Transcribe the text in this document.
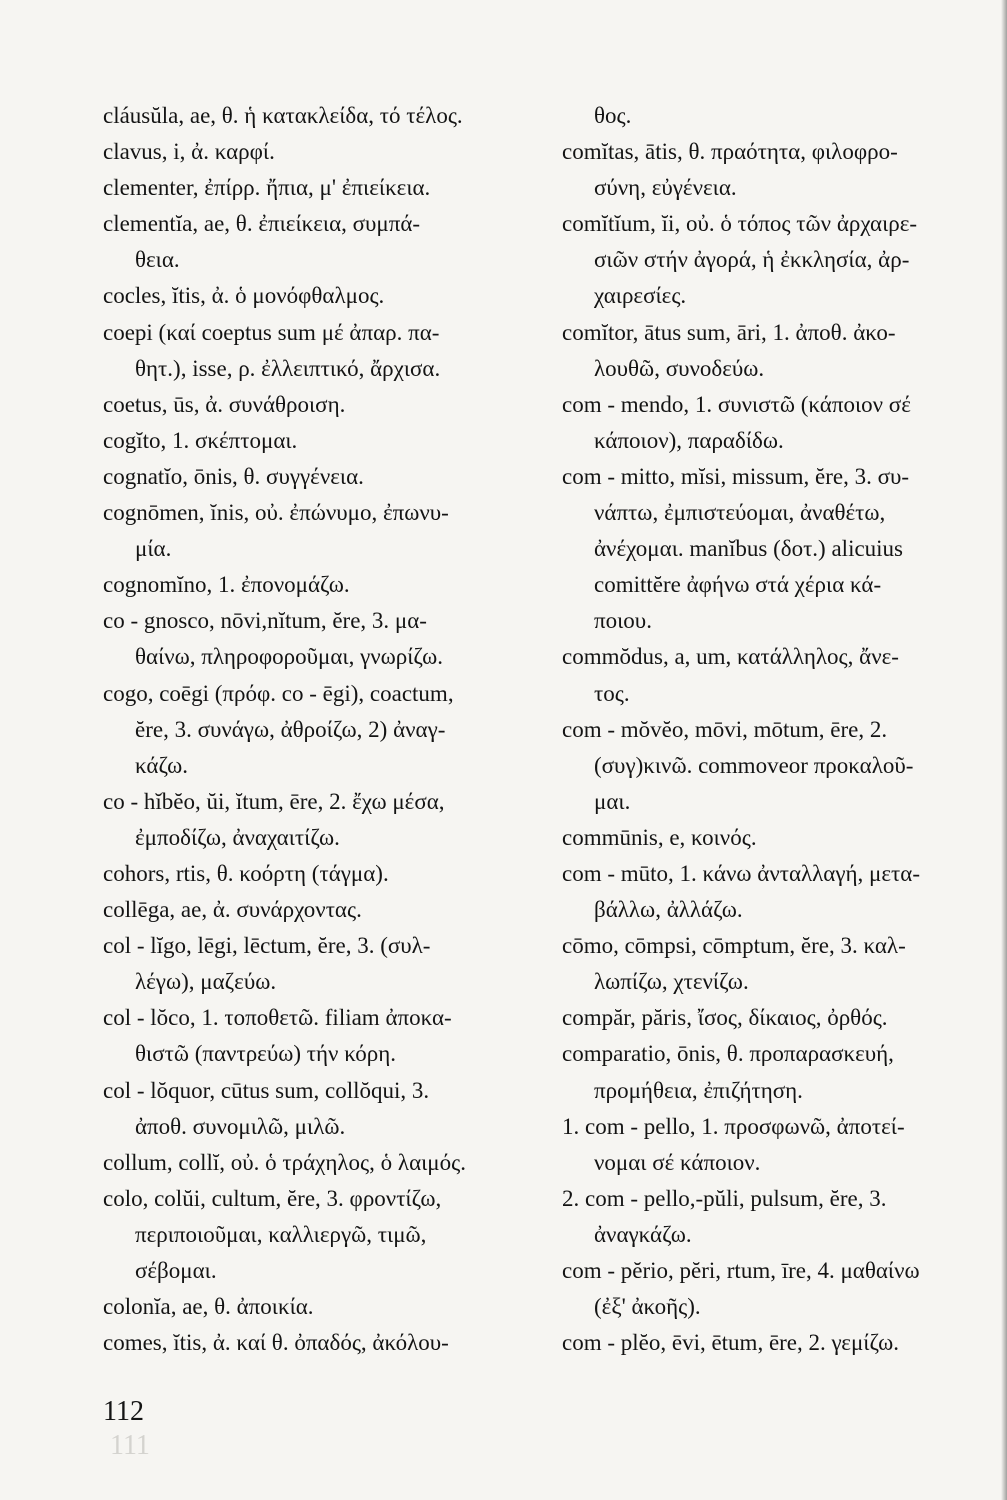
cláusŭla, ae, θ. ἡ κατακλείδα, τό τέλος.
clavus, i, ἀ. καρφί.
clementer, ἐπίρρ. ἤπια, μ' ἐπιείκεια.
clementĭa, ae, θ. ἐπιείκεια, συμπά-
θεια.
cocles, ĭtis, ἀ. ὁ μονόφθαλμος.
coepi (καί coeptus sum μέ ἀπαρ. πα-
θητ.), isse, ρ. ἐλλειπτικό, ἄρχισα.
coetus, ūs, ἀ. συνάθροιση.
cogĭto, 1. σκέπτομαι.
cognatĭo, ōnis, θ. συγγένεια.
cognōmen, ĭnis, οὐ. ἐπώνυμο, ἐπωνυ-
μία.
cognomĭno, 1. ἐπονομάζω.
co - gnosco, nōvi,nĭtum, ĕre, 3. μα-
θαίνω, πληροφοροῦμαι, γνωρίζω.
cogo, coēgi (πρόφ. co - ēgi), coactum,
ĕre, 3. συνάγω, ἀθροίζω, 2) ἀναγ-
κάζω.
co - hĭbĕo, ŭi, ĭtum, ēre, 2. ἔχω μέσα,
ἐμποδίζω, ἀναχαιτίζω.
cohors, rtis, θ. κοόρτη (τάγμα).
collēga, ae, ἀ. συνάρχοντας.
col - lĭgo, lēgi, lēctum, ĕre, 3. (συλ-
λέγω), μαζεύω.
col - lŏco, 1. τοποθετῶ. filiam ἀποκα-
θιστῶ (παντρεύω) τήν κόρη.
col - lŏquor, cūtus sum, collŏqui, 3.
ἀποθ. συνομιλῶ, μιλῶ.
collum, collĭ, οὐ. ὁ τράχηλος, ὁ λαιμός.
colo, colŭi, cultum, ĕre, 3. φροντίζω,
περιποιοῦμαι, καλλιεργῶ, τιμῶ,
σέβομαι.
colonĭa, ae, θ. ἀποικία.
comes, ĭtis, ἀ. καί θ. ὀπαδός, ἀκόλου-
θος.
comĭtas, ātis, θ. πραότητα, φιλοφρο-
σύνη, εὐγένεια.
comĭtĭum, ĭi, οὐ. ὁ τόπος τῶν ἀρχαιρε-
σιῶν στήν ἀγορά, ἡ ἐκκλησία, ἀρ-
χαιρεσίες.
comĭtor, ātus sum, āri, 1. ἀποθ. ἀκο-
λουθῶ, συνοδεύω.
com - mendo, 1. συνιστῶ (κάποιον σέ
κάποιον), παραδίδω.
com - mitto, mĭsi, missum, ĕre, 3. συ-
νάπτω, ἐμπιστεύομαι, ἀναθέτω,
ἀνέχομαι. manĭbus (δοτ.) alicuius
comittĕre ἀφήνω στά χέρια κά-
ποιου.
commŏdus, a, um, κατάλληλος, ἄνε-
τος.
com - mŏvĕo, mōvi, mōtum, ēre, 2.
(συγ)κινῶ. commoveor προκαλοῦ-
μαι.
commūnis, e, κοινός.
com - mūto, 1. κάνω ἀνταλλαγή, μετα-
βάλλω, ἀλλάζω.
cōmo, cōmpsi, cōmptum, ĕre, 3. καλ-
λωπίζω, χτενίζω.
compăr, păris, ἴσος, δίκαιος, ὀρθός.
comparatio, ōnis, θ. προπαρασκευή,
προμήθεια, ἐπιζήτηση.
1. com - pello, 1. προσφωνῶ, ἀποτεί-
νομαι σέ κάποιον.
2. com - pello,-pŭli, pulsum, ĕre, 3.
ἀναγκάζω.
com - pĕrio, pĕri, rtum, īre, 4. μαθαίνω
(ἐξ' ἀκοῆς).
com - plĕo, ēvi, ētum, ēre, 2. γεμίζω.
112
111
